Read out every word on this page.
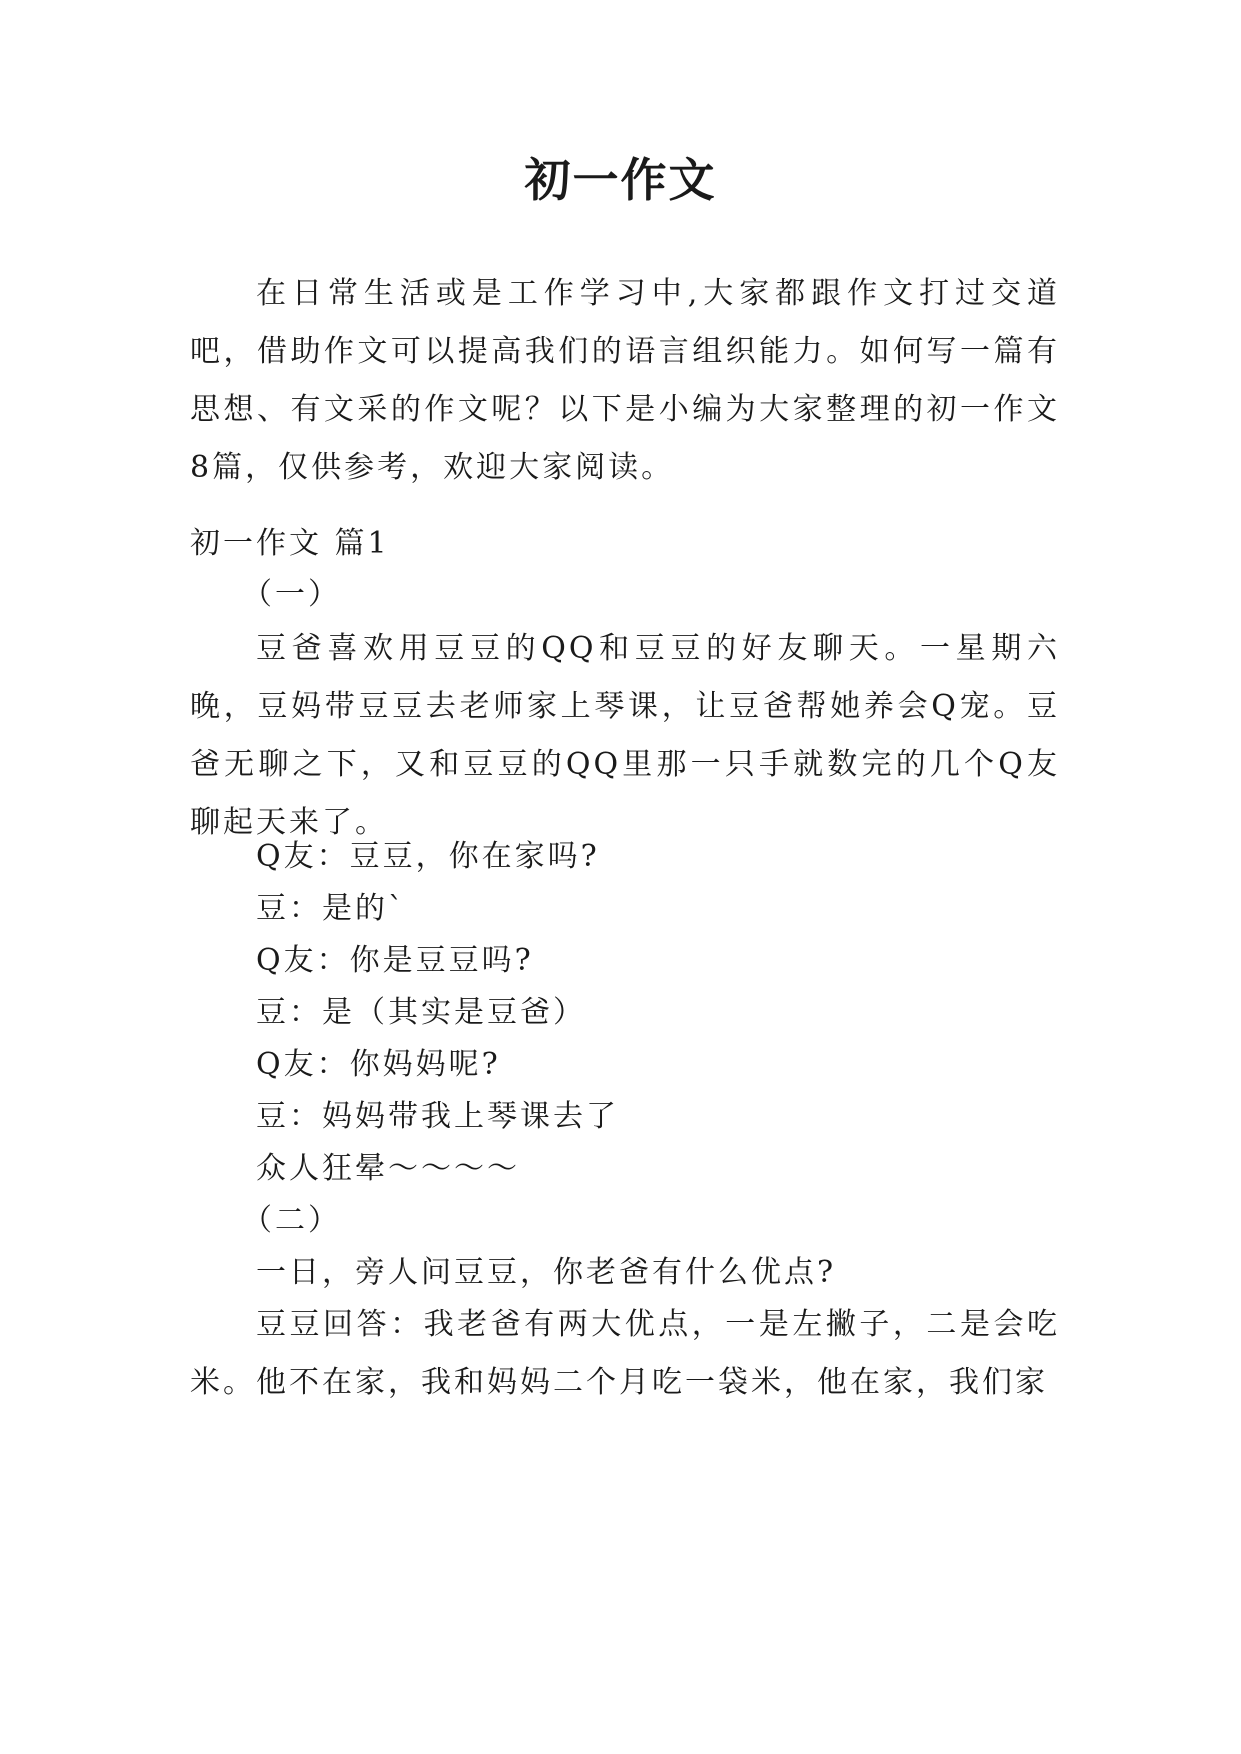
初一作文

在日常生活或是工作学习中,大家都跟作文打过交道吧，借助作文可以提高我们的语言组织能力。如何写一篇有思想、有文采的作文呢？以下是小编为大家整理的初一作文8篇，仅供参考，欢迎大家阅读。

初一作文 篇1
（一）

豆爸喜欢用豆豆的QQ和豆豆的好友聊天。一星期六晚，豆妈带豆豆去老师家上琴课，让豆爸帮她养会Q宠。豆爸无聊之下，又和豆豆的QQ里那一只手就数完的几个Q友聊起天来了。

Q友：豆豆，你在家吗?
豆：是的`
Q友：你是豆豆吗?
豆：是（其实是豆爸）
Q友：你妈妈呢?
豆：妈妈带我上琴课去了
众人狂晕～～～～
（二）
一日，旁人问豆豆，你老爸有什么优点?

豆豆回答：我老爸有两大优点，一是左撇子，二是会吃米。他不在家，我和妈妈二个月吃一袋米，他在家，我们家
